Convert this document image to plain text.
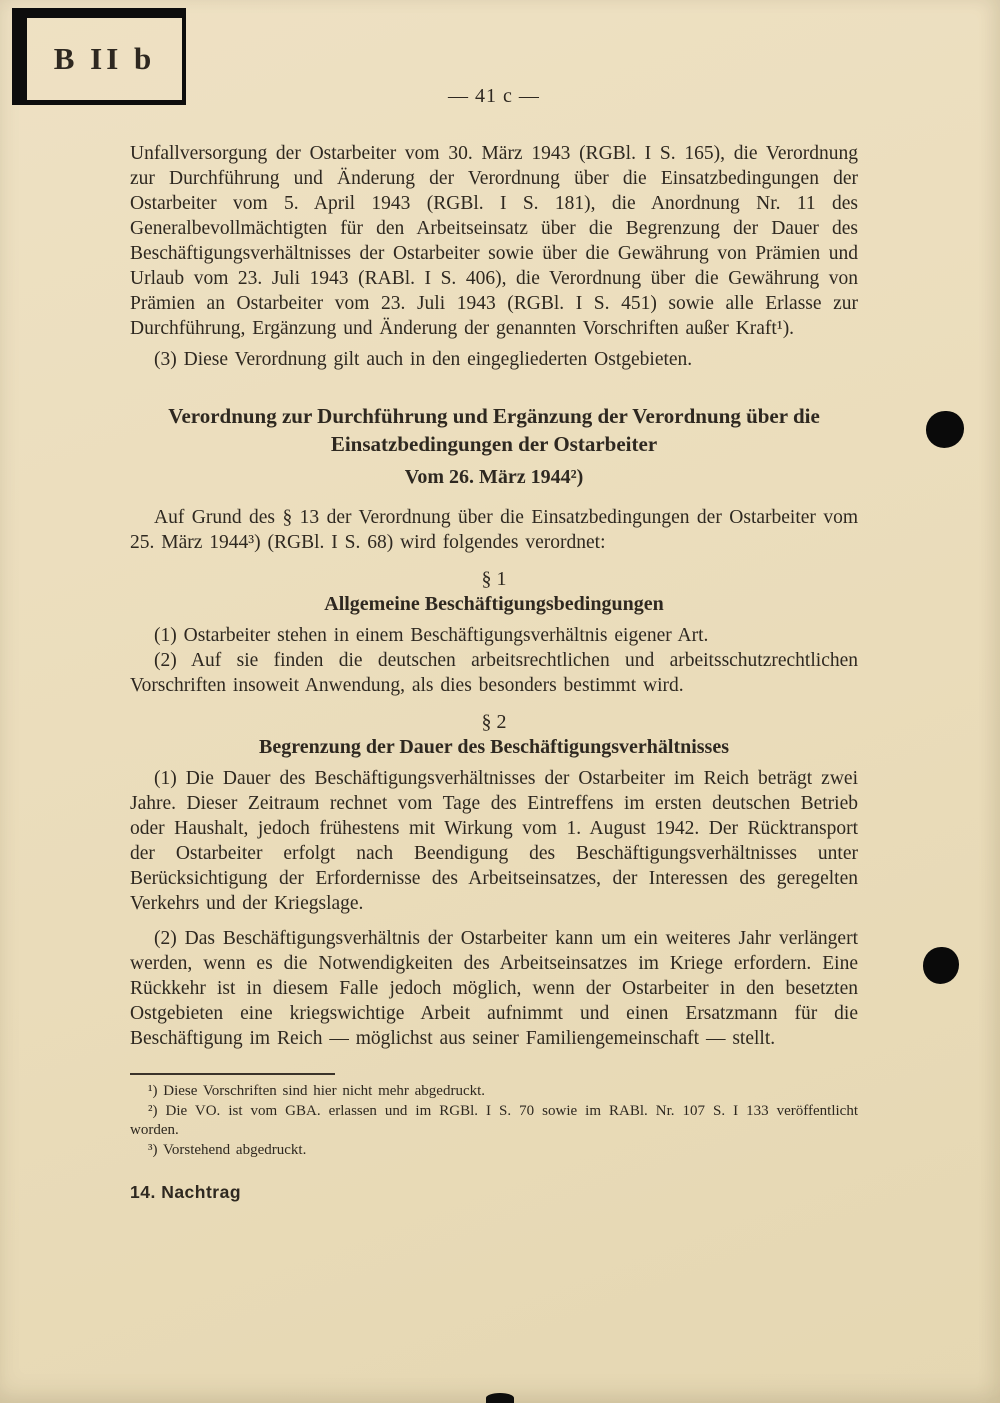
B II b
— 41 c —

Unfallversorgung der Ostarbeiter vom 30. März 1943 (RGBl. I S. 165), die Verordnung zur Durchführung und Änderung der Verordnung über die Einsatzbedingungen der Ostarbeiter vom 5. April 1943 (RGBl. I S. 181), die Anordnung Nr. 11 des Generalbevollmächtigten für den Arbeitseinsatz über die Begrenzung der Dauer des Beschäftigungsverhältnisses der Ostarbeiter sowie über die Gewährung von Prämien und Urlaub vom 23. Juli 1943 (RABl. I S. 406), die Verordnung über die Gewährung von Prämien an Ostarbeiter vom 23. Juli 1943 (RGBl. I S. 451) sowie alle Erlasse zur Durchführung, Ergänzung und Änderung der genannten Vorschriften außer Kraft¹).

(3) Diese Verordnung gilt auch in den eingegliederten Ostgebieten.

Verordnung zur Durchführung und Ergänzung der Verordnung über die Einsatzbedingungen der Ostarbeiter
Vom 26. März 1944²)

Auf Grund des § 13 der Verordnung über die Einsatzbedingungen der Ostarbeiter vom 25. März 1944³) (RGBl. I S. 68) wird folgendes verordnet:

§ 1
Allgemeine Beschäftigungsbedingungen

(1) Ostarbeiter stehen in einem Beschäftigungsverhältnis eigener Art.

(2) Auf sie finden die deutschen arbeitsrechtlichen und arbeitsschutzrechtlichen Vorschriften insoweit Anwendung, als dies besonders bestimmt wird.

§ 2
Begrenzung der Dauer des Beschäftigungsverhältnisses

(1) Die Dauer des Beschäftigungsverhältnisses der Ostarbeiter im Reich beträgt zwei Jahre. Dieser Zeitraum rechnet vom Tage des Eintreffens im ersten deutschen Betrieb oder Haushalt, jedoch frühestens mit Wirkung vom 1. August 1942. Der Rücktransport der Ostarbeiter erfolgt nach Beendigung des Beschäftigungsverhältnisses unter Berücksichtigung der Erfordernisse des Arbeitseinsatzes, der Interessen des geregelten Verkehrs und der Kriegslage.

(2) Das Beschäftigungsverhältnis der Ostarbeiter kann um ein weiteres Jahr verlängert werden, wenn es die Notwendigkeiten des Arbeitseinsatzes im Kriege erfordern. Eine Rückkehr ist in diesem Falle jedoch möglich, wenn der Ostarbeiter in den besetzten Ostgebieten eine kriegswichtige Arbeit aufnimmt und einen Ersatzmann für die Beschäftigung im Reich — möglichst aus seiner Familiengemeinschaft — stellt.

¹) Diese Vorschriften sind hier nicht mehr abgedruckt.

²) Die VO. ist vom GBA. erlassen und im RGBl. I S. 70 sowie im RABl. Nr. 107 S. I 133 veröffentlicht worden.

³) Vorstehend abgedruckt.

14. Nachtrag
